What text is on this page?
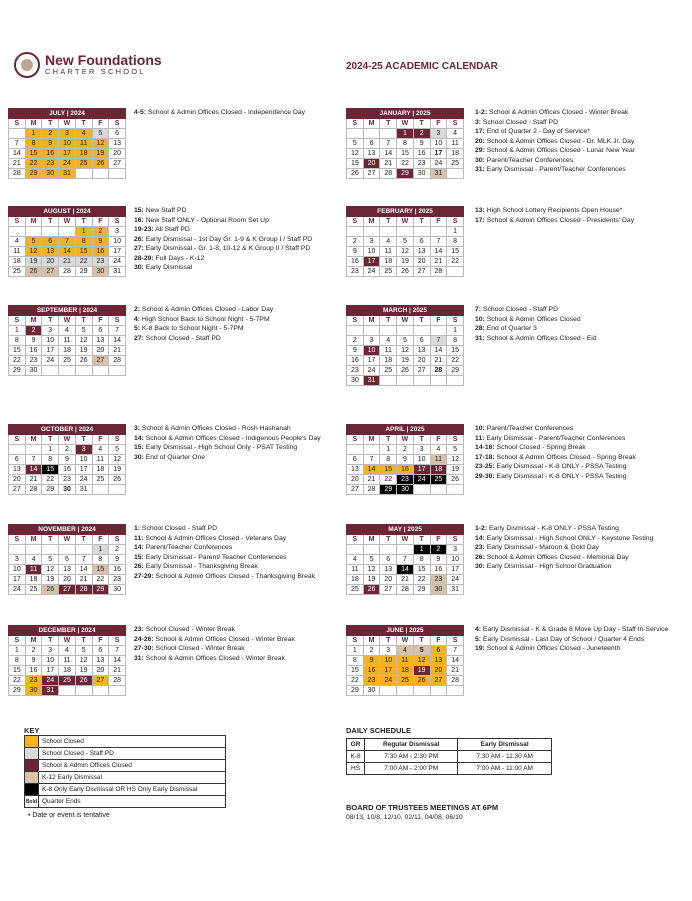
New Foundations
CHARTER SCHOOL	2024-25 ACADEMIC CALENDAR
JULY | 2024						
S	M	T	W	T	F	S
	1	2	3	4	5	6
7	8	9	10	11	12	13
14	15	16	17	18	19	20
21	22	23	24	25	26	27
28	29	30	31			
4-5: School & Admin Offices Closed - Independence Day	JANUARY | 2025						
S	M	T	W	T	F	S
			1	2	3	4
5	6	7	8	9	10	11
12	13	14	15	16	17	18
19	20	21	22	23	24	25
26	27	28	29	30	31	
1-2: School & Admin Offices Closed - Winter Break
3: School Closed - Staff PD
17: End of Quarter 2 - Day of Service*
20: School & Admin Offices Closed - Dr. MLK Jr. Day
29: School & Admin Offices Closed - Lunar New Year
30: Parent/Teacher Conferences
31: Early Dismissal - Parent/Teacher Conferences
AUGUST | 2024						
S	M	T	W	T	F	S
				1	2	3
4	5	6	7	8	9	10
11	12	13	14	15	16	17
18	19	20	21	22	23	24
25	26	27	28	29	30	31
15: New Staff PD
16: New Staff ONLY - Optional Room Set Up
19-23: All Staff PD
26: Early Dismissal - 1st Day Gr. 1-9 & K Group I / Staff PD
27: Early Dismissal - Gr. 1-8, 10-12 & K Group II / Staff PD
28-29: Full Days - K-12
30: Early Dismissal
FEBRUARY | 2025						
S	M	T	W	T	F	S
						1
2	3	4	5	6	7	8
9	10	11	12	13	14	15
16	17	18	19	20	21	22
23	24	25	26	27	28	
13: High School Lottery Recipients Open House*
17: School & Admin Offices Closed - Presidents' Day
SEPTEMBER | 2024						
S	M	T	W	T	F	S
1	2	3	4	5	6	7
8	9	10	11	12	13	14
15	16	17	18	19	20	21
22	23	24	25	26	27	28
29	30					
2: School & Admin Offices Closed - Labor Day
4: High School Back to School Night - 5-7PM
5: K-8 Back to School Night - 5-7PM
27: School Closed - Staff PD
MARCH | 2025						
S	M	T	W	T	F	S
						1
2	3	4	5	6	7	8
9	10	11	12	13	14	15
16	17	18	19	20	21	22
23	24	25	26	27	28	29
30	31					
7: School Closed - Staff PD
10: School & Admin Offices Closed
28: End of Quarter 3
31: School & Admin Offices Closed - Eid
OCTOBER | 2024						
S	M	T	W	T	F	S
		1	2	3	4	5
6	7	8	9	10	11	12
13	14	15	16	17	18	19
20	21	22	23	24	25	26
27	28	29	30	31		
3: School & Admin Offices Closed - Rosh Hashanah
14: School & Admin Offices Closed - Indigenous People's Day
15: Early Dismissal - High School Only - PSAT Testing
30: End of Quarter One
APRIL | 2025						
S	M	T	W	T	F	S
		1	2	3	4	5
6	7	8	9	10	11	12
13	14	15	16	17	18	19
20	21	22	23	24	25	26
27	28	29	30			
10: Parent/Teacher Conferences
11: Early Dismissal - Parent/Teacher Conferences
14-16: School Closed - Spring Break
17-18: School & Admin Offices Closed - Spring Break
23-25: Early Dismissal - K-8 ONLY - PSSA Testing
29-30: Early Dismissal - K-8 ONLY - PSSA Testing
NOVEMBER | 2024						
S	M	T	W	T	F	S
					1	2
3	4	5	6	7	8	9
10	11	12	13	14	15	16
17	18	19	20	21	22	23
24	25	26	27	28	29	30
1: School Closed - Staff PD
11: School & Admin Offices Closed - Veterans Day
14: Parent/Teacher Conferences
15: Early Dismissal - Parent/ Teacher Conferences
26: Early Dismissal - Thanksgiving Break
27-29: School & Admin Offices Closed - Thanksgiving Break
MAY | 2025						
S	M	T	W	T	F	S
				1	2	3
4	5	6	7	8	9	10
11	12	13	14	15	16	17
18	19	20	21	22	23	24
25	26	27	28	29	30	31
1-2: Early Dismissal - K-8 ONLY - PSSA Testing
14: Early Dismissal - High School ONLY - Keystone Testing
23: Early Dismissal - Maroon & Gold Day
26: School & Admin Offices Closed - Memorial Day
30: Early Dismissal - High School Graduation
DECEMBER | 2024						
S	M	T	W	T	F	S
1	2	3	4	5	6	7
8	9	10	11	12	13	14
15	16	17	18	19	20	21
22	23	24	25	26	27	28
29	30	31				
23: School Closed - Winter Break
24-26: School & Admin Offices Closed - Winter Break
27-30: School Closed - Winter Break
31: School & Admin Offices Closed - Winter Break
JUNE | 2025						
S	M	T	W	T	F	S
1	2	3	4	5	6	7
8	9	10	11	12	13	14
15	16	17	18	19	20	21
22	23	24	25	26	27	28
29	30					
4: Early Dismissal - K & Grade 8 Move Up Day - Staff In-Service
5: Early Dismissal - Last Day of School / Quarter 4 Ends
19: School & Admin Offices Closed - Juneteenth
KEY
	School Closed
	School Closed - Staff PD
	School & Admin Offices Closed
	K-12 Early Dismissal
	K-8 Only Early Dismissal OR HS Only Early Dismissal
Bold	Quarter Ends
• Date or event is tentative
DAILY SCHEDULE
GR	Regular Dismissal	Early Dismissal
K-8	7:30 AM - 2:30 PM	7:30 AM - 11:30 AM
HS	7:00 AM - 2:00 PM	7:00 AM - 11:00 AM
BOARD OF TRUSTEES MEETINGS AT 6PM
08/13, 10/8, 12/10, 02/11, 04/08, 06/10
